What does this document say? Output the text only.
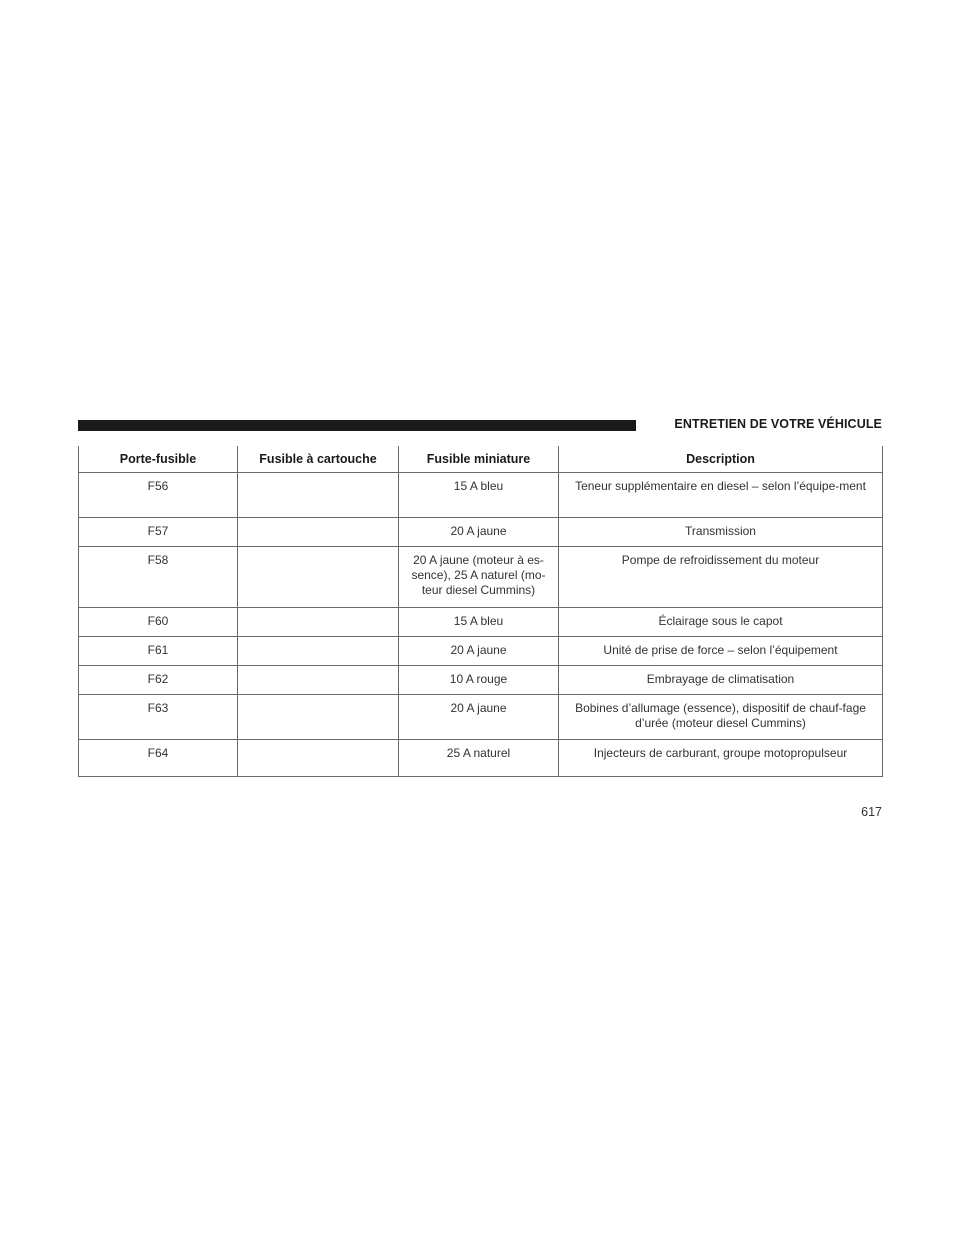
ENTRETIEN DE VOTRE VÉHICULE
Porte-fusible	Fusible à cartouche	Fusible miniature	Description
F56		15 A bleu	Teneur supplémentaire en diesel – selon l’équipe-ment
F57		20 A jaune	Transmission
F58		20 A jaune (moteur à es-sence), 25 A naturel (mo-teur diesel Cummins)	Pompe de refroidissement du moteur
F60		15 A bleu	Éclairage sous le capot
F61		20 A jaune	Unité de prise de force – selon l’équipement
F62		10 A rouge	Embrayage de climatisation
F63		20 A jaune	Bobines d’allumage (essence), dispositif de chauf-fage d’urée (moteur diesel Cummins)
F64		25 A naturel	Injecteurs de carburant, groupe motopropulseur
617
